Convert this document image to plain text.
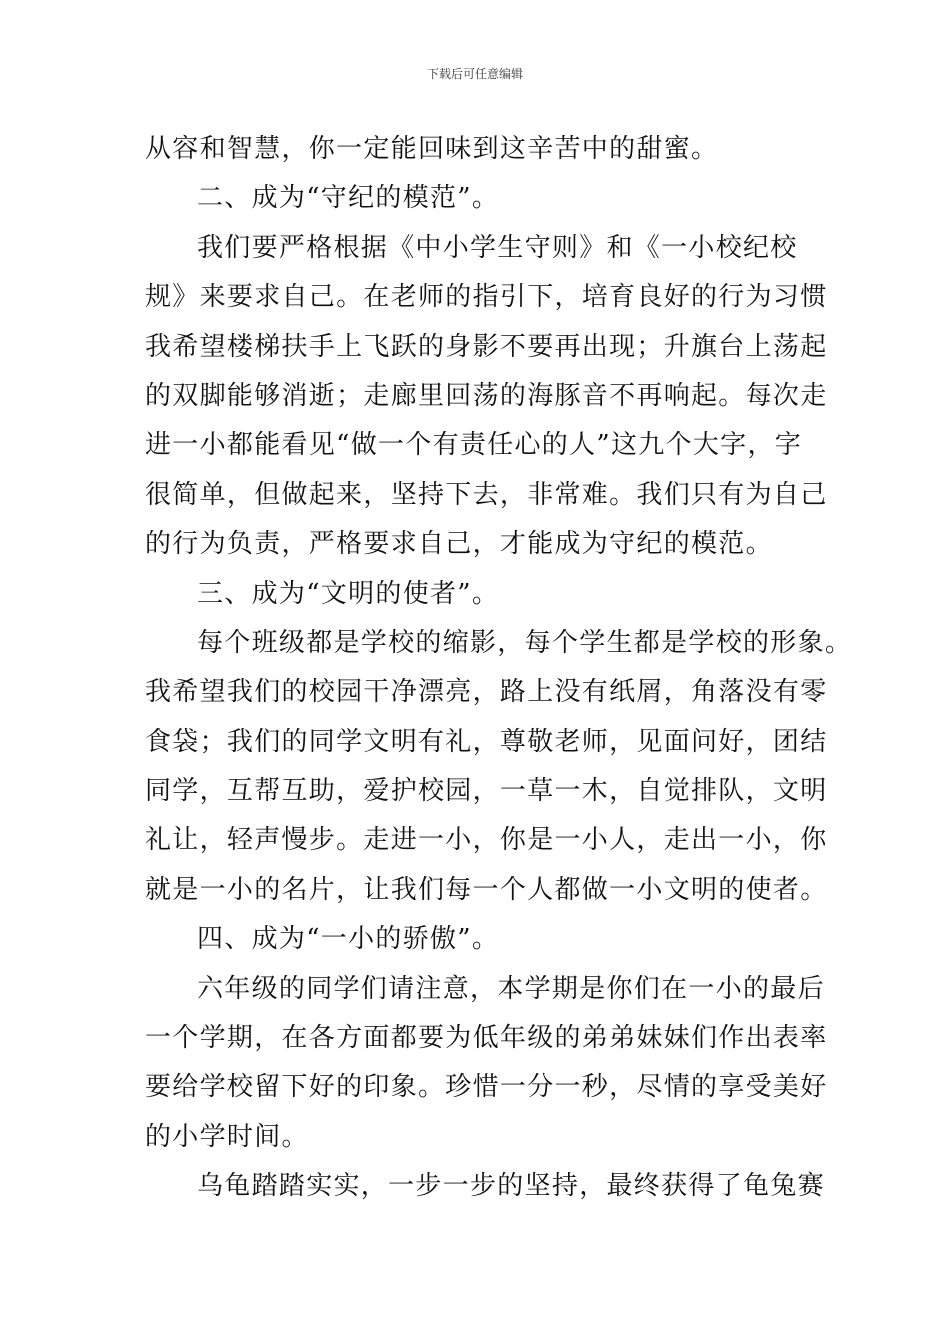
下载后可任意编辑
从容和智慧，你一定能回味到这辛苦中的甜蜜。
二、成为“守纪的模范”。
我们要严格根据《中小学生守则》和《一小校纪校
规》来要求自己。在老师的指引下，培育良好的行为习惯
我希望楼梯扶手上飞跃的身影不要再出现；升旗台上荡起
的双脚能够消逝；走廊里回荡的海豚音不再响起。每次走
进一小都能看见“做一个有责任心的人”这九个大字，字
很简单，但做起来，坚持下去，非常难。我们只有为自己
的行为负责，严格要求自己，才能成为守纪的模范。
三、成为“文明的使者”。
每个班级都是学校的缩影，每个学生都是学校的形象。
我希望我们的校园干净漂亮，路上没有纸屑，角落没有零
食袋；我们的同学文明有礼，尊敬老师，见面问好，团结
同学，互帮互助，爱护校园，一草一木，自觉排队，文明
礼让，轻声慢步。走进一小，你是一小人，走出一小，你
就是一小的名片，让我们每一个人都做一小文明的使者。
四、成为“一小的骄傲”。
六年级的同学们请注意，本学期是你们在一小的最后
一个学期，在各方面都要为低年级的弟弟妹妹们作出表率
要给学校留下好的印象。珍惜一分一秒，尽情的享受美好
的小学时间。
乌龟踏踏实实，一步一步的坚持，最终获得了龟兔赛
